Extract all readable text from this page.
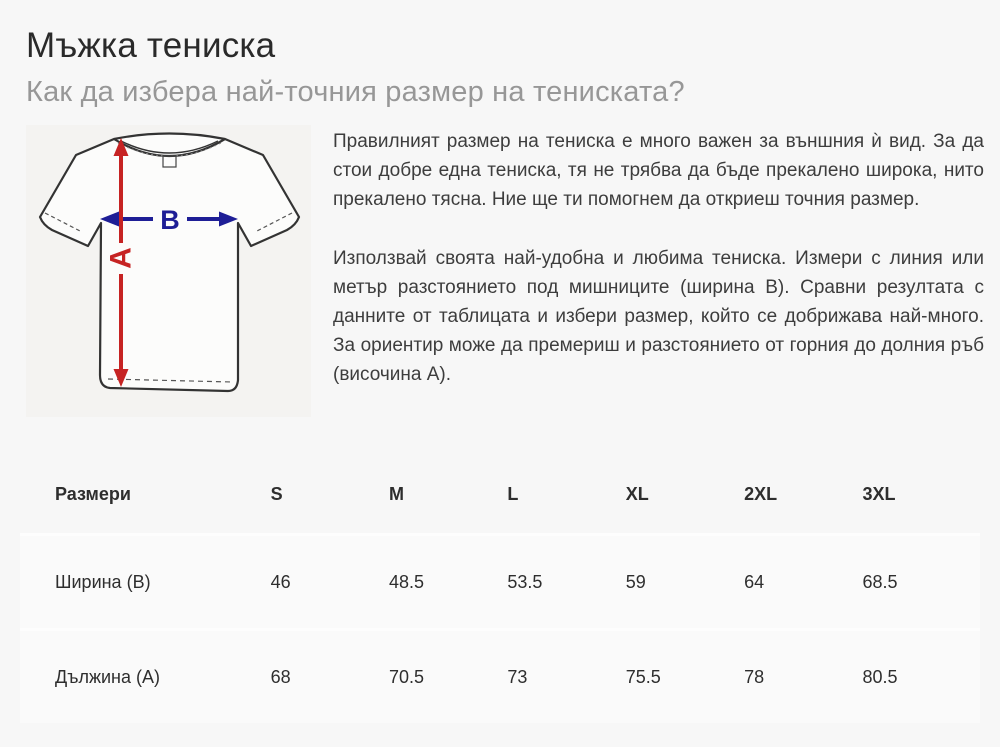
Мъжка тениска
Как да избера най-точния размер на тениската?
B
A

Правилният размер на тениска е много важен за външния ѝ вид. За да стои добре една тениска, тя не трябва да бъде прекалено широка, нито прекалено тясна. Ние ще ти помогнем да откриеш точния размер.

Използвай своята най-удобна и любима тениска. Измери с линия или метър разстоянието под мишниците (ширина B). Сравни резултата с данните от таблицата и избери размер, който се добрижава най-много. За ориентир може да премериш и разстоянието от горния до долния ръб (височина A).

Размери	S	M	L	XL	2XL	3XL
Ширина (B)	46	48.5	53.5	59	64	68.5
Дължина (A)	68	70.5	73	75.5	78	80.5
